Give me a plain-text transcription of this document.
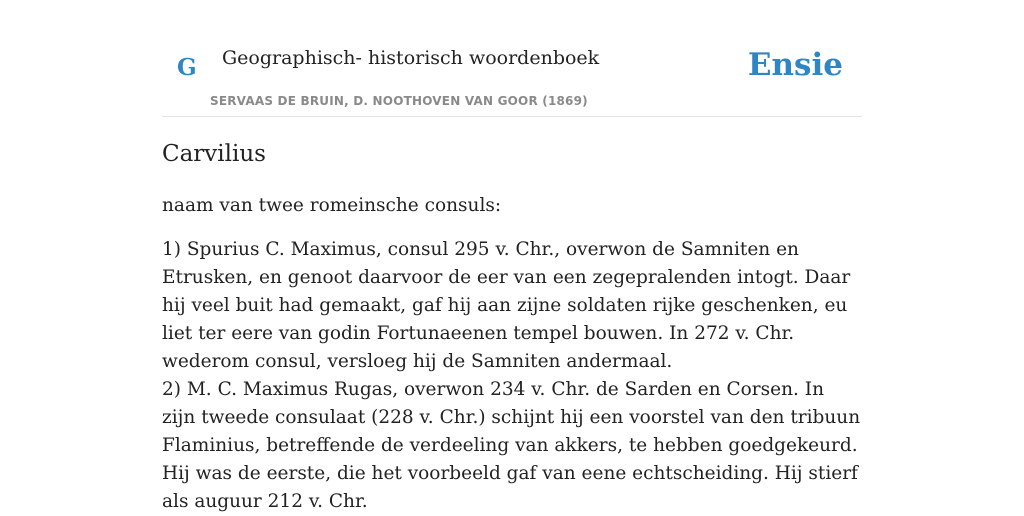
G Geographisch- historisch woordenboek
SERVAAS DE BRUIN, D. NOOTHOVEN VAN GOOR (1869)
Ensie
Carvilius

naam van twee romeinsche consuls:

1) Spurius C. Maximus, consul 295 v. Chr., overwon de Samniten en Etrusken, en genoot daarvoor de eer van een zegepralenden intogt. Daar hij veel buit had gemaakt, gaf hij aan zijne soldaten rijke geschenken, eu liet ter eere van godin Fortunaeenen tempel bouwen. In 272 v. Chr. wederom consul, versloeg hij de Samniten andermaal.
2) M. C. Maximus Rugas, overwon 234 v. Chr. de Sarden en Corsen. In zijn tweede consulaat (228 v. Chr.) schijnt hij een voorstel van den tribuun Flaminius, betreffende de verdeeling van akkers, te hebben goedgekeurd. Hij was de eerste, die het voorbeeld gaf van eene echtscheiding. Hij stierf als auguur 212 v. Chr.
